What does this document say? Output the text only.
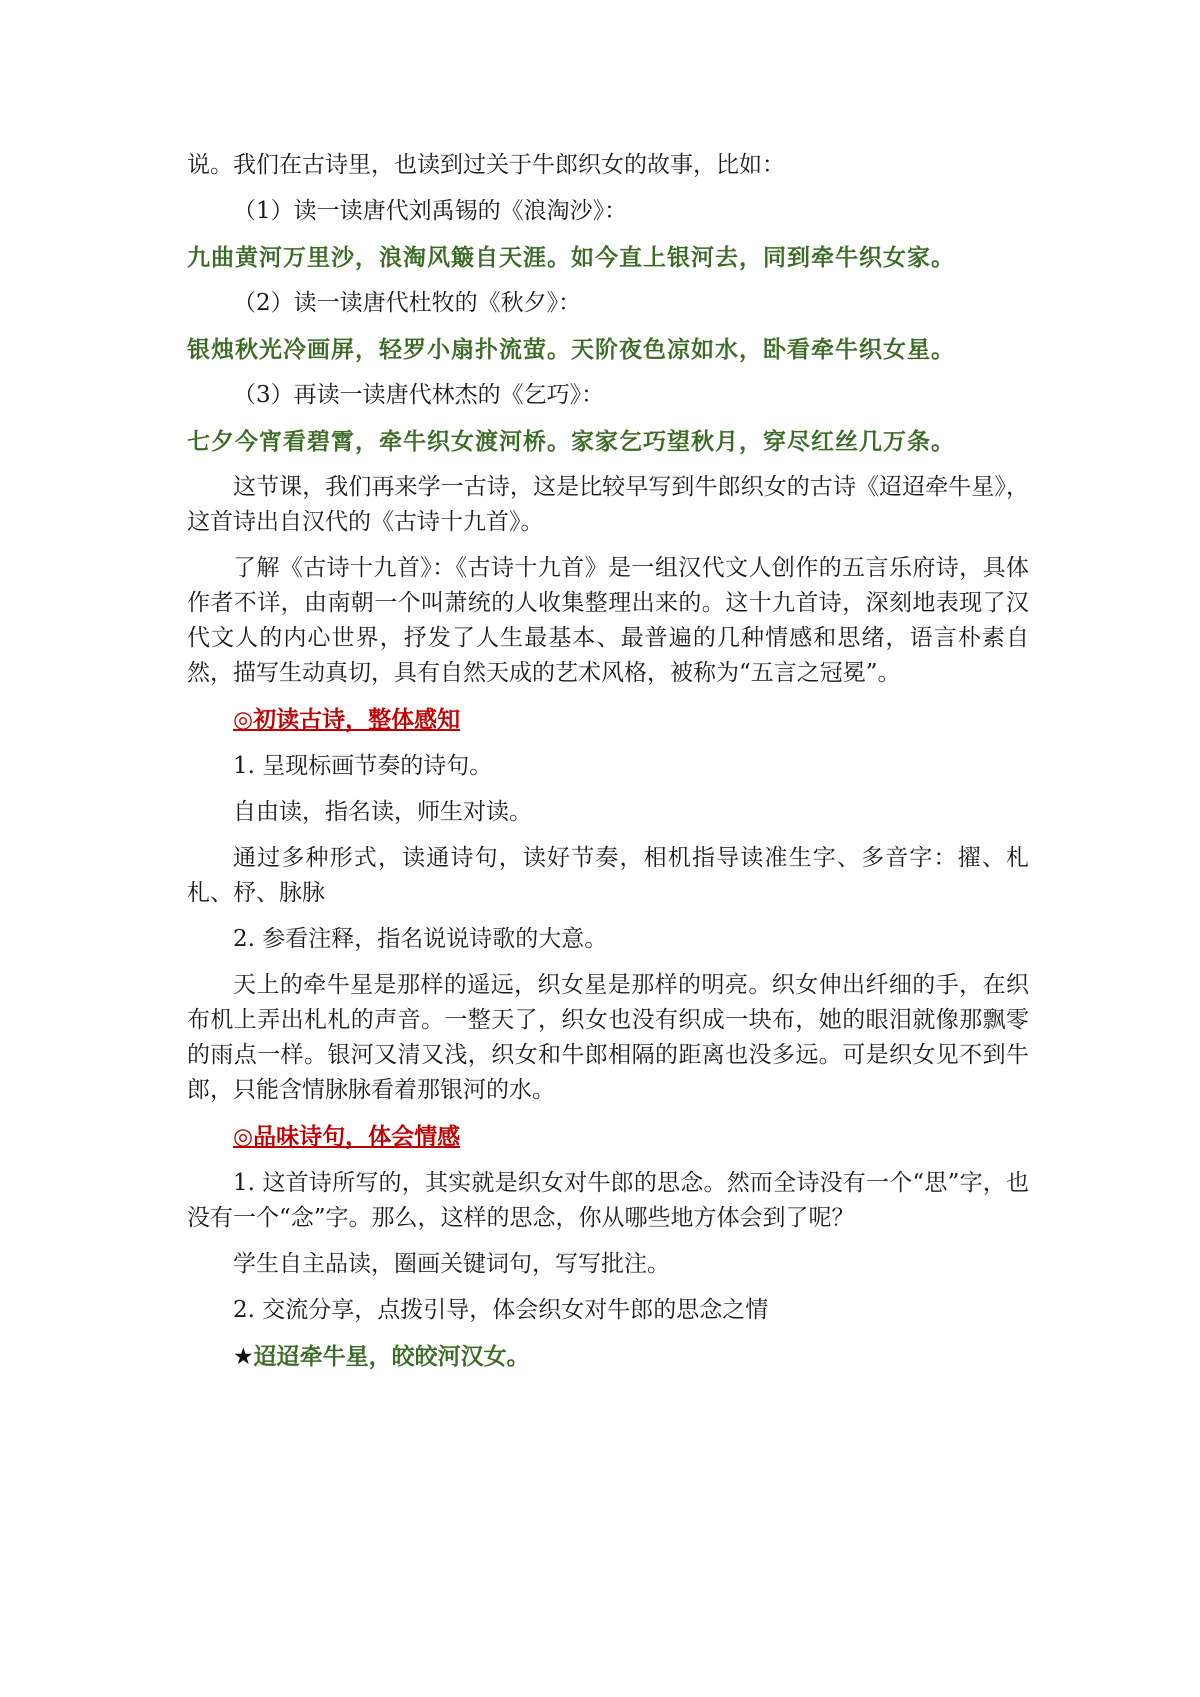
说。我们在古诗里，也读到过关于牛郎织女的故事，比如：

（1）读一读唐代刘禹锡的《浪淘沙》：

九曲黄河万里沙，浪淘风簸自天涯。如今直上银河去，同到牵牛织女家。

（2）读一读唐代杜牧的《秋夕》：

银烛秋光冷画屏，轻罗小扇扑流萤。天阶夜色凉如水，卧看牵牛织女星。

（3）再读一读唐代林杰的《乞巧》：

七夕今宵看碧霄，牵牛织女渡河桥。家家乞巧望秋月，穿尽红丝几万条。

这节课，我们再来学一古诗，这是比较早写到牛郎织女的古诗《迢迢牵牛星》，这首诗出自汉代的《古诗十九首》。

了解《古诗十九首》：《古诗十九首》是一组汉代文人创作的五言乐府诗，具体作者不详，由南朝一个叫萧统的人收集整理出来的。这十九首诗，深刻地表现了汉代文人的内心世界，抒发了人生最基本、最普遍的几种情感和思绪，语言朴素自然，描写生动真切，具有自然天成的艺术风格，被称为“五言之冠冕”。

◎初读古诗，整体感知

1. 呈现标画节奏的诗句。

自由读，指名读，师生对读。

通过多种形式，读通诗句，读好节奏，相机指导读准生字、多音字：擢、札札、杼、脉脉

2. 参看注释，指名说说诗歌的大意。

天上的牵牛星是那样的遥远，织女星是那样的明亮。织女伸出纤细的手，在织布机上弄出札札的声音。一整天了，织女也没有织成一块布，她的眼泪就像那飘零的雨点一样。银河又清又浅，织女和牛郎相隔的距离也没多远。可是织女见不到牛郎，只能含情脉脉看着那银河的水。

◎品味诗句，体会情感

1. 这首诗所写的，其实就是织女对牛郎的思念。然而全诗没有一个“思”字，也没有一个“念”字。那么，这样的思念，你从哪些地方体会到了呢？

学生自主品读，圈画关键词句，写写批注。

2. 交流分享，点拨引导，体会织女对牛郎的思念之情

★迢迢牵牛星，皎皎河汉女。
